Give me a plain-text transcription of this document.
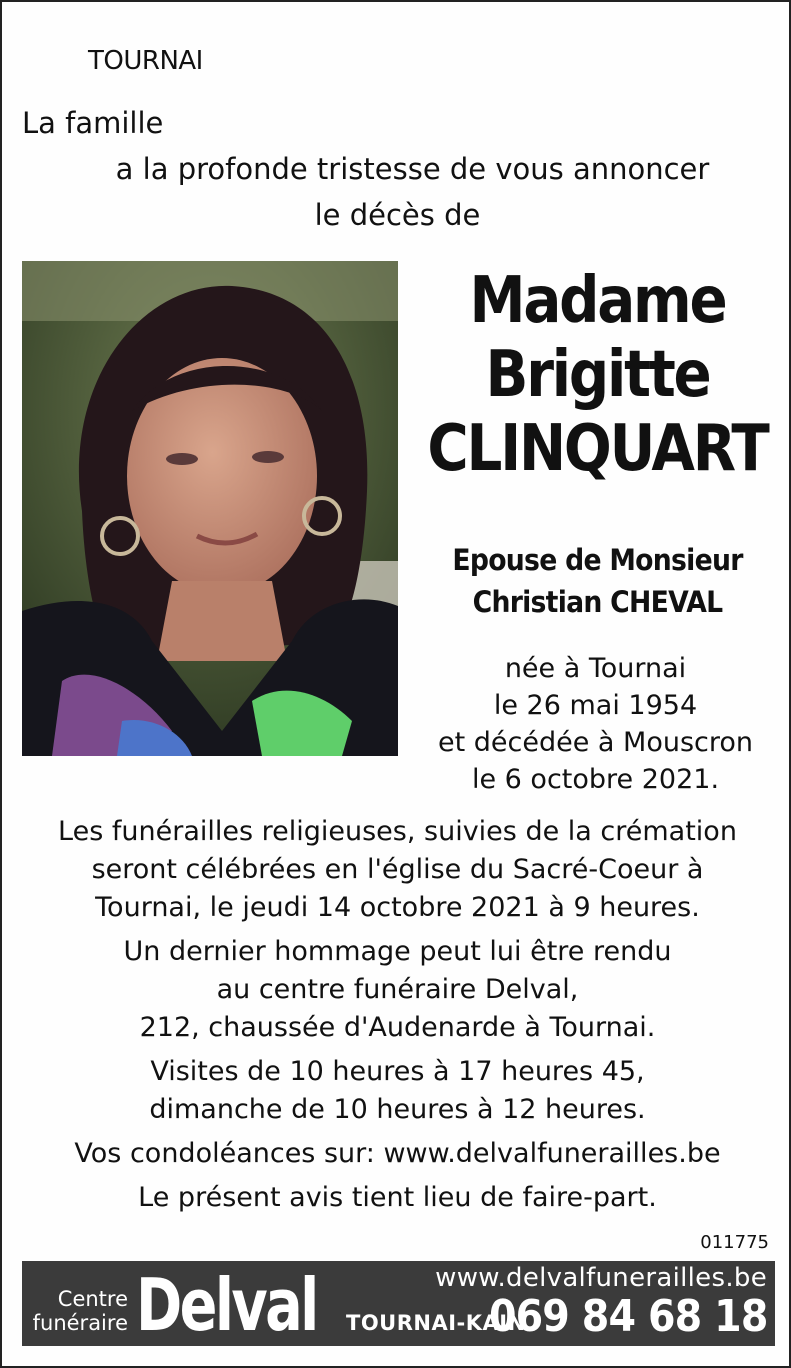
TOURNAI
La famille
a la profonde tristesse de vous annoncer
le décès de
Madame
Brigitte
CLINQUART
Epouse de Monsieur
Christian CHEVAL
née à Tournai
le 26 mai 1954
et décédée à Mouscron
le 6 octobre 2021.
Les funérailles religieuses, suivies de la crémation
seront célébrées en l'église du Sacré-Coeur à
Tournai, le jeudi 14 octobre 2021 à 9 heures.
Un dernier hommage peut lui être rendu
au centre funéraire Delval,
212, chaussée d'Audenarde à Tournai.
Visites de 10 heures à 17 heures 45,
dimanche de 10 heures à 12 heures.
Vos condoléances sur: www.delvalfunerailles.be
Le présent avis tient lieu de faire-part.
011775
Centre
funéraire Delval	www.delvalfunerailles.be
TOURNAI-KAIN
069 84 68 18
